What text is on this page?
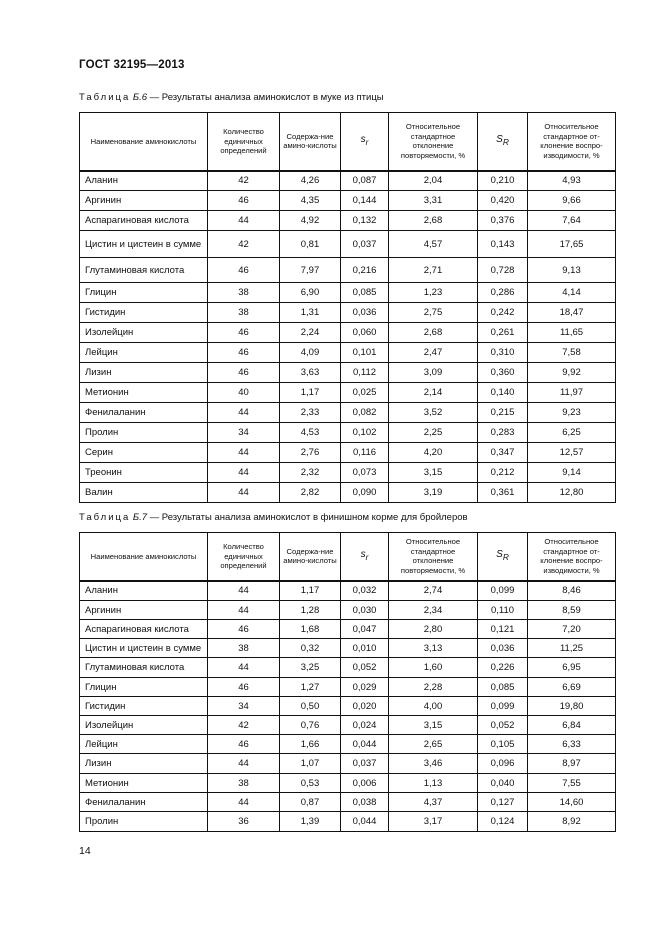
ГОСТ 32195—2013
Таблица Б.6 — Результаты анализа аминокислот в муке из птицы
Наименование аминокислоты	Количество единичных определений	Содержа-ние амино-кислоты	$s_r$	Относительное стандартное отклонение повторяемости, %	$S_R$	Относительное стандартное от-клонение воспро-изводимости, %
Аланин	42	4,26	0,087	2,04	0,210	4,93
Аргинин	46	4,35	0,144	3,31	0,420	9,66
Аспарагиновая кислота	44	4,92	0,132	2,68	0,376	7,64
Цистин и цистеин в сумме	42	0,81	0,037	4,57	0,143	17,65
Глутаминовая кислота	46	7,97	0,216	2,71	0,728	9,13
Глицин	38	6,90	0,085	1,23	0,286	4,14
Гистидин	38	1,31	0,036	2,75	0,242	18,47
Изолейцин	46	2,24	0,060	2,68	0,261	11,65
Лейцин	46	4,09	0,101	2,47	0,310	7,58
Лизин	46	3,63	0,112	3,09	0,360	9,92
Метионин	40	1,17	0,025	2,14	0,140	11,97
Фенилаланин	44	2,33	0,082	3,52	0,215	9,23
Пролин	34	4,53	0,102	2,25	0,283	6,25
Серин	44	2,76	0,116	4,20	0,347	12,57
Треонин	44	2,32	0,073	3,15	0,212	9,14
Валин	44	2,82	0,090	3,19	0,361	12,80
Таблица Б.7 — Результаты анализа аминокислот в финишном корме для бройлеров
Наименование аминокислоты	Количество единичных определений	Содержа-ние амино-кислоты	$s_r$	Относительное стандартное отклонение повторяемости, %	$S_R$	Относительное стандартное от-клонение воспро-изводимости, %
Аланин	44	1,17	0,032	2,74	0,099	8,46
Аргинин	44	1,28	0,030	2,34	0,110	8,59
Аспарагиновая кислота	46	1,68	0,047	2,80	0,121	7,20
Цистин и цистеин в сумме	38	0,32	0,010	3,13	0,036	11,25
Глутаминовая кислота	44	3,25	0,052	1,60	0,226	6,95
Глицин	46	1,27	0,029	2,28	0,085	6,69
Гистидин	34	0,50	0,020	4,00	0,099	19,80
Изолейцин	42	0,76	0,024	3,15	0,052	6,84
Лейцин	46	1,66	0,044	2,65	0,105	6,33
Лизин	44	1,07	0,037	3,46	0,096	8,97
Метионин	38	0,53	0,006	1,13	0,040	7,55
Фенилаланин	44	0,87	0,038	4,37	0,127	14,60
Пролин	36	1,39	0,044	3,17	0,124	8,92
14
